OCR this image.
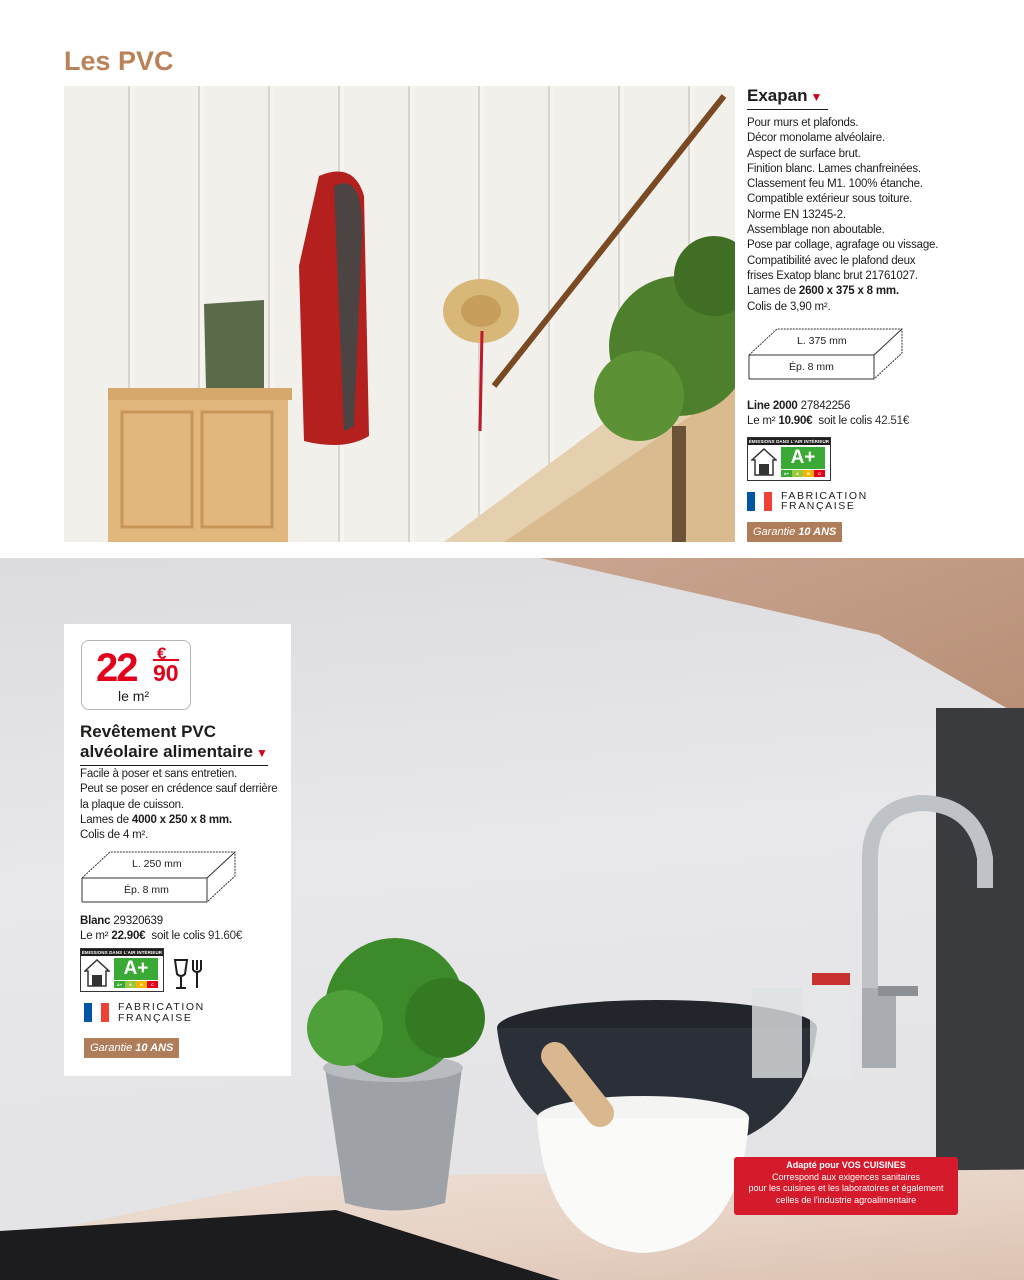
Les PVC
Exapan ▼
Pour murs et plafonds.
Décor monolame alvéolaire.
Aspect de surface brut.
Finition blanc. Lames chanfreinées.
Classement feu M1. 100% étanche.
Compatible extérieur sous toiture.
Norme EN 13245-2.
Assemblage non aboutable.
Pose par collage, agrafage ou vissage.
Compatibilité avec le plafond deux
frises Exatop blanc brut 21761027.
Lames de 2600 x 375 x 8 mm.
Colis de 3,90 m².
L. 375 mm
Ép. 8 mm
Line 2000 27842256
Le m² 10.90€ soit le colis 42.51€
ÉMISSIONS DANS L'AIR INTÉRIEUR
A+
A+	A	B	C
FABRICATION
FRANÇAISE
Garantie 10 ANS
22 €
90
le m²
Revêtement PVC
alvéolaire alimentaire ▼
Facile à poser et sans entretien.
Peut se poser en crédence sauf derrière
la plaque de cuisson.
Lames de 4000 x 250 x 8 mm.
Colis de 4 m².
L. 250 mm
Ép. 8 mm
Blanc 29320639
Le m² 22.90€ soit le colis 91.60€
ÉMISSIONS DANS L'AIR INTÉRIEUR
A+
A+	A	B	C
FABRICATION
FRANÇAISE
Garantie 10 ANS
Adapté pour VOS CUISINES
Correspond aux exigences sanitaires
pour les cuisines et les laboratoires et également
celles de l'industrie agroalimentaire
106
